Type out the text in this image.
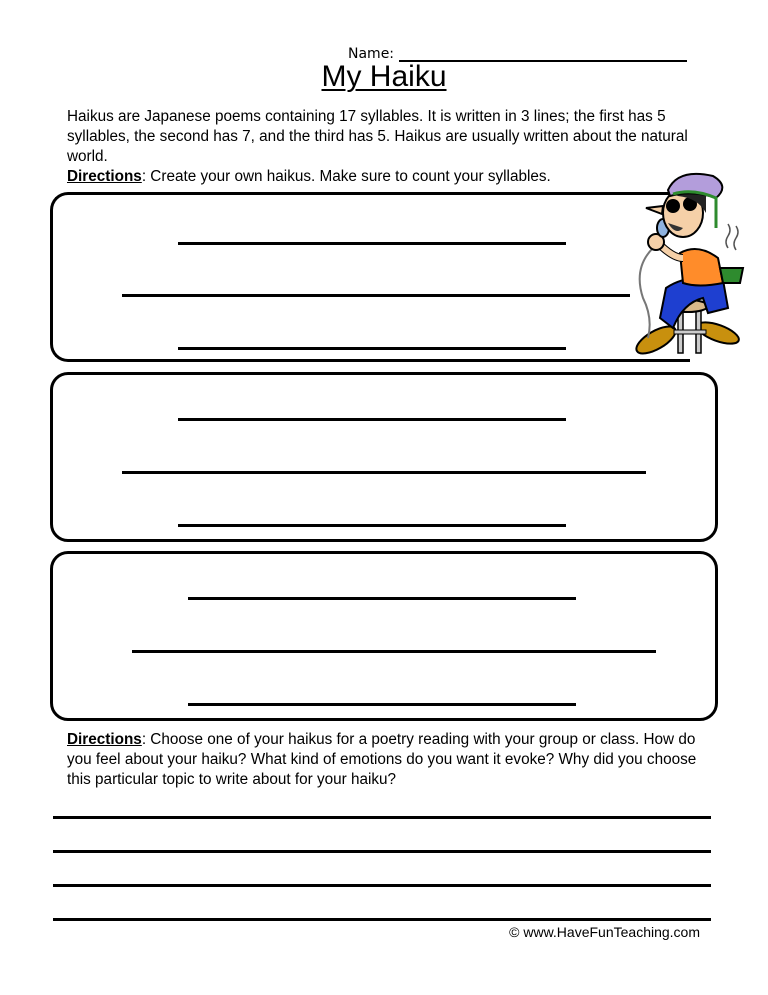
Name:
My Haiku
Haikus are Japanese poems containing 17 syllables. It is written in 3 lines; the first has 5 syllables, the second has 7, and the third has 5. Haikus are usually written about the natural world.
Directions: Create your own haikus. Make sure to count your syllables.
Directions: Choose one of your haikus for a poetry reading with your group or class. How do you feel about your haiku? What kind of emotions do you want it evoke? Why did you choose this particular topic to write about for your haiku?
© www.HaveFunTeaching.com
